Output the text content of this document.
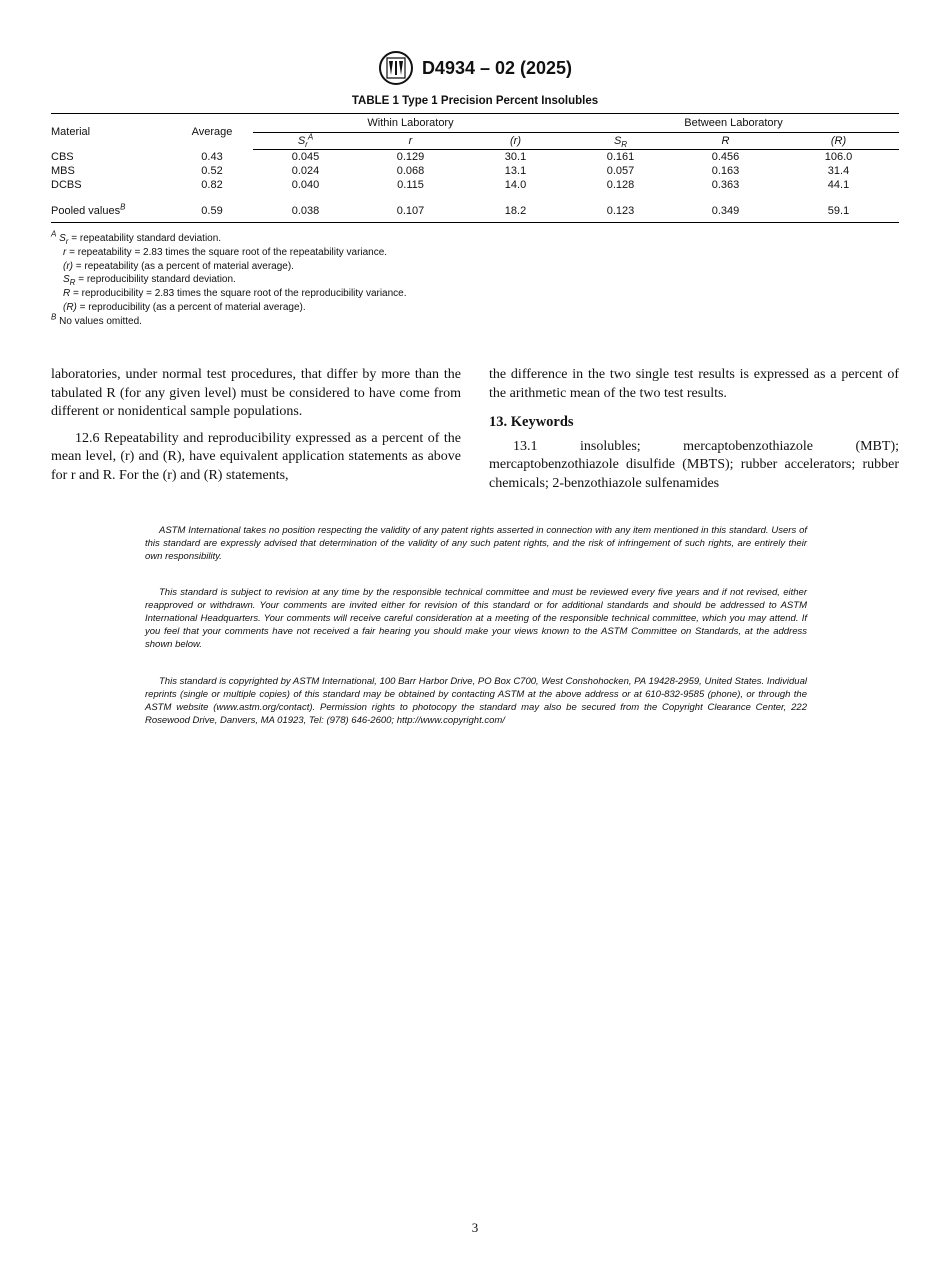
D4934 – 02 (2025)
TABLE 1 Type 1 Precision Percent Insolubles

Material	Average	Within Laboratory			Between Laboratory		
		$S_r^A$	r	(r)	$S_R$	R	(R)
CBS	0.43	0.045	0.129	30.1	0.161	0.456	106.0
MBS	0.52	0.024	0.068	13.1	0.057	0.163	31.4
DCBS	0.82	0.040	0.115	14.0	0.128	0.363	44.1

Pooled values$^B$	0.59	0.038	0.107	18.2	0.123	0.349	59.1

$^A$ $S_r$ = repeatability standard deviation.
r = repeatability = 2.83 times the square root of the repeatability variance.
(r) = repeatability (as a percent of material average).
$S_R$ = reproducibility standard deviation.
R = reproducibility = 2.83 times the square root of the reproducibility variance.
(R) = reproducibility (as a percent of material average).
$^B$ No values omitted.

laboratories, under normal test procedures, that differ by more than the tabulated R (for any given level) must be considered to have come from different or nonidentical sample populations.

12.6 Repeatability and reproducibility expressed as a percent of the mean level, (r) and (R), have equivalent application statements as above for r and R. For the (r) and (R) statements,

the difference in the two single test results is expressed as a percent of the arithmetic mean of the two test results.

13. Keywords

13.1 insolubles; mercaptobenzothiazole (MBT); mercaptobenzothiazole disulfide (MBTS); rubber accelerators; rubber chemicals; 2-benzothiazole sulfenamides

ASTM International takes no position respecting the validity of any patent rights asserted in connection with any item mentioned in this standard. Users of this standard are expressly advised that determination of the validity of any such patent rights, and the risk of infringement of such rights, are entirely their own responsibility.

This standard is subject to revision at any time by the responsible technical committee and must be reviewed every five years and if not revised, either reapproved or withdrawn. Your comments are invited either for revision of this standard or for additional standards and should be addressed to ASTM International Headquarters. Your comments will receive careful consideration at a meeting of the responsible technical committee, which you may attend. If you feel that your comments have not received a fair hearing you should make your views known to the ASTM Committee on Standards, at the address shown below.

This standard is copyrighted by ASTM International, 100 Barr Harbor Drive, PO Box C700, West Conshohocken, PA 19428-2959, United States. Individual reprints (single or multiple copies) of this standard may be obtained by contacting ASTM at the above address or at 610-832-9585 (phone), or through the ASTM website (www.astm.org/contact). Permission rights to photocopy the standard may also be secured from the Copyright Clearance Center, 222 Rosewood Drive, Danvers, MA 01923, Tel: (978) 646-2600; http://www.copyright.com/

3
